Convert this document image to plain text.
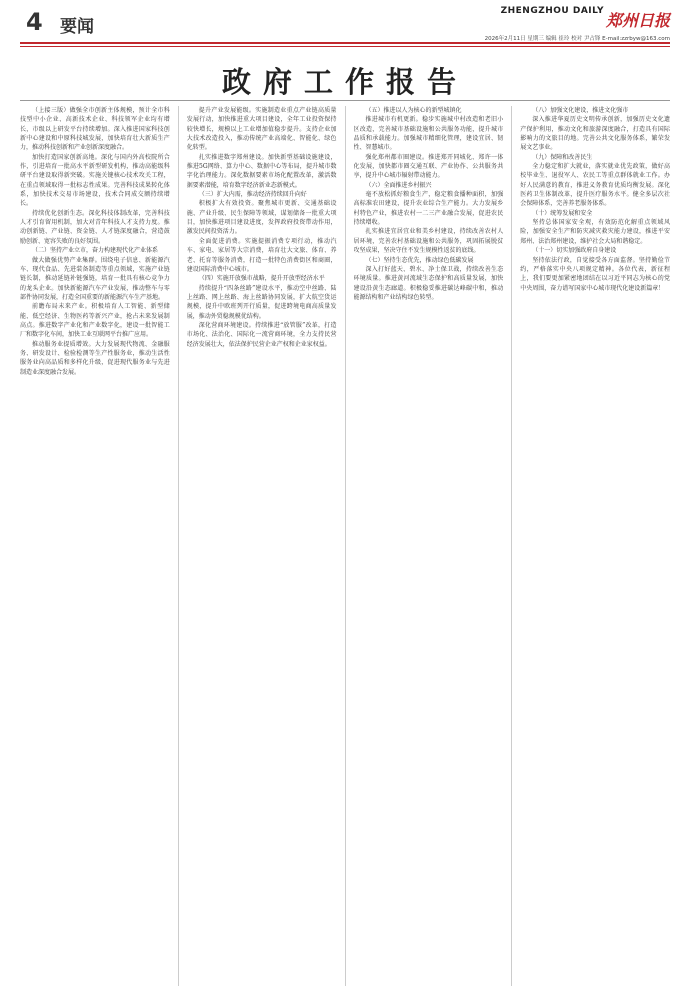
4 要闻
ZHENGZHOU DAILY 郑州日报
2026年2月11日 星期三 编辑 崔玲 校对 尹占锋 E-mail:zzrbyw@163.com
政府工作报告

（上接三版）做强全市创新主体规模，预计全市科技型中小企业、高新技术企业、科技领军企业均有增长，市级以上研发平台持续增加。深入推进国家科技创新中心建设和中原科技城发展，加快培育壮大新质生产力，推动科技创新和产业创新深度融合。

加快打造国家创新高地。深化与国内外高校院所合作，引进培育一批高水平新型研发机构，推动高能级科研平台建设取得新突破。实施关键核心技术攻关工程，在重点领域取得一批标志性成果。完善科技成果转化体系，加快技术交易市场建设，技术合同成交额持续增长。

持续优化创新生态。深化科技体制改革，完善科技人才引育留用机制，加大对青年科技人才支持力度。推动创新链、产业链、资金链、人才链深度融合，营造鼓励创新、宽容失败的良好氛围。

（二）坚持产业立市，奋力构建现代化产业体系

做大做强优势产业集群。围绕电子信息、新能源汽车、现代食品、先进装备制造等重点领域，实施产业链链长制，推动延链补链强链，培育一批具有核心竞争力的龙头企业。加快新能源汽车产业发展，推动整车与零部件协同发展，打造全国重要的新能源汽车生产基地。

前瞻布局未来产业。积极培育人工智能、新型储能、低空经济、生物医药等新兴产业，抢占未来发展制高点。推进数字产业化和产业数字化，建设一批智能工厂和数字化车间，加快工业互联网平台推广应用。

推动服务业提质增效。大力发展现代物流、金融服务、研发设计、检验检测等生产性服务业，推动生活性服务业向高品质和多样化升级，促进现代服务业与先进制造业深度融合发展。

提升产业发展能级。实施制造业重点产业链高质量发展行动，加快推进重大项目建设，全年工业投资保持较快增长，规模以上工业增加值稳步提升。支持企业加大技术改造投入，推动传统产业高端化、智能化、绿色化转型。

扎实推进数字郑州建设。加快新型基础设施建设，推进5G网络、算力中心、数据中心等布局，提升城市数字化治理能力。深化数据要素市场化配置改革，激活数据要素潜能，培育数字经济新业态新模式。

（三）扩大内需，推动经济持续回升向好

积极扩大有效投资。聚焦城市更新、交通基础设施、产业升级、民生保障等领域，谋划储备一批重大项目，加快推进项目建设进度，发挥政府投资带动作用，激发民间投资活力。

全面促进消费。实施提振消费专项行动，推动汽车、家电、家居等大宗消费，培育壮大文旅、体育、养老、托育等服务消费，打造一批特色消费街区和商圈，建设国际消费中心城市。

（四）实施开放强市战略，提升开放型经济水平

持续提升“四条丝路”建设水平，推动空中丝路、陆上丝路、网上丝路、海上丝路协同发展，扩大航空货运规模，提升中欧班列开行质量，促进跨境电商高质量发展，推动外贸稳规模优结构。

深化营商环境建设。持续推进“放管服”改革，打造市场化、法治化、国际化一流营商环境，全力支持民营经济发展壮大，依法保护民营企业产权和企业家权益。

（五）推进以人为核心的新型城镇化

推进城市有机更新。稳步实施城中村改造和老旧小区改造，完善城市基础设施和公共服务功能，提升城市品质和承载能力。加强城市精细化管理，建设宜居、韧性、智慧城市。

强化郑州都市圈建设。推进郑开同城化、郑许一体化发展，加快都市圈交通互联、产业协作、公共服务共享，提升中心城市辐射带动能力。

（六）全面推进乡村振兴

毫不放松抓好粮食生产，稳定粮食播种面积，加强高标准农田建设，提升农业综合生产能力。大力发展乡村特色产业，推进农村一二三产业融合发展，促进农民持续增收。

扎实推进宜居宜业和美乡村建设，持续改善农村人居环境，完善农村基础设施和公共服务，巩固拓展脱贫攻坚成果，坚决守住不发生规模性返贫的底线。

（七）坚持生态优先，推动绿色低碳发展

深入打好蓝天、碧水、净土保卫战，持续改善生态环境质量。推进黄河流域生态保护和高质量发展，加快建设沿黄生态廊道。积极稳妥推进碳达峰碳中和，推动能源结构和产业结构绿色转型。

（八）加强文化建设，推进文化强市

深入推进华夏历史文明传承创新，加强历史文化遗产保护利用，推动文化和旅游深度融合，打造具有国际影响力的文旅目的地。完善公共文化服务体系，繁荣发展文艺事业。

（九）保障和改善民生

全力稳定和扩大就业，落实就业优先政策，做好高校毕业生、退役军人、农民工等重点群体就业工作。办好人民满意的教育，推进义务教育优质均衡发展。深化医药卫生体制改革，提升医疗服务水平。健全多层次社会保障体系，完善养老服务体系。

（十）统筹发展和安全

坚持总体国家安全观，有效防范化解重点领域风险，加强安全生产和防灾减灾救灾能力建设，推进平安郑州、法治郑州建设，维护社会大局和谐稳定。

（十一）切实加强政府自身建设

坚持依法行政，自觉接受各方面监督。坚持勤俭节约，严格落实中央八项规定精神。各位代表，新征程上，我们要更加紧密地团结在以习近平同志为核心的党中央周围，奋力谱写国家中心城市现代化建设新篇章！
